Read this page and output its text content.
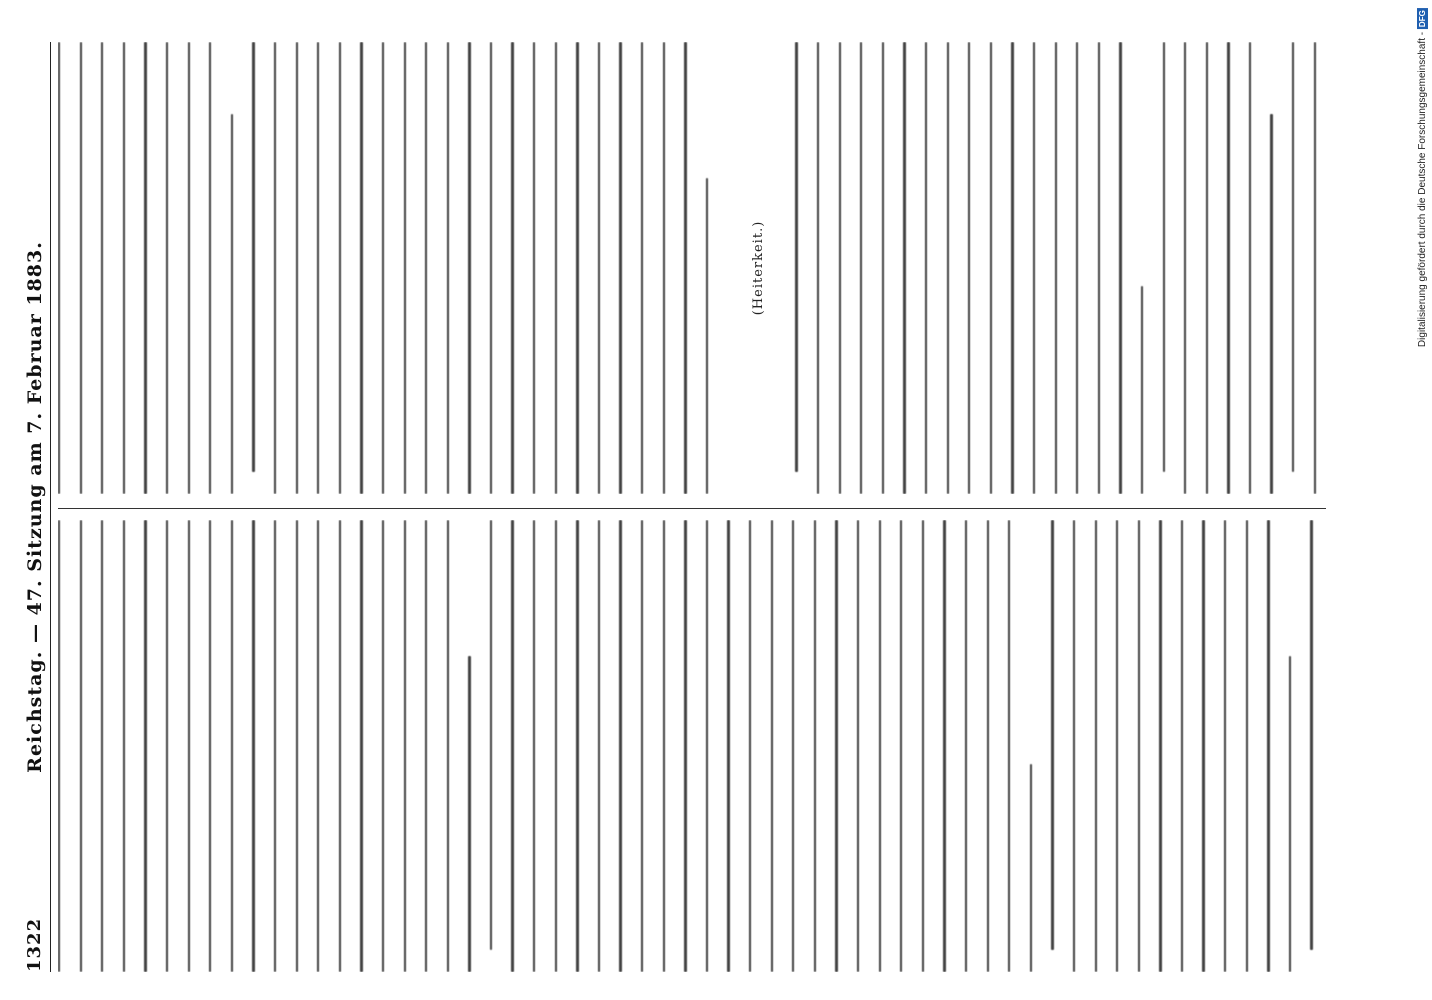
1322
Reichstag. — 47. Sitzung am 7. Februar 1883.	(Heiterkeit.)	Digitalisierung gefördert durch die Deutsche Forschungsgemeinschaft -
DFG
